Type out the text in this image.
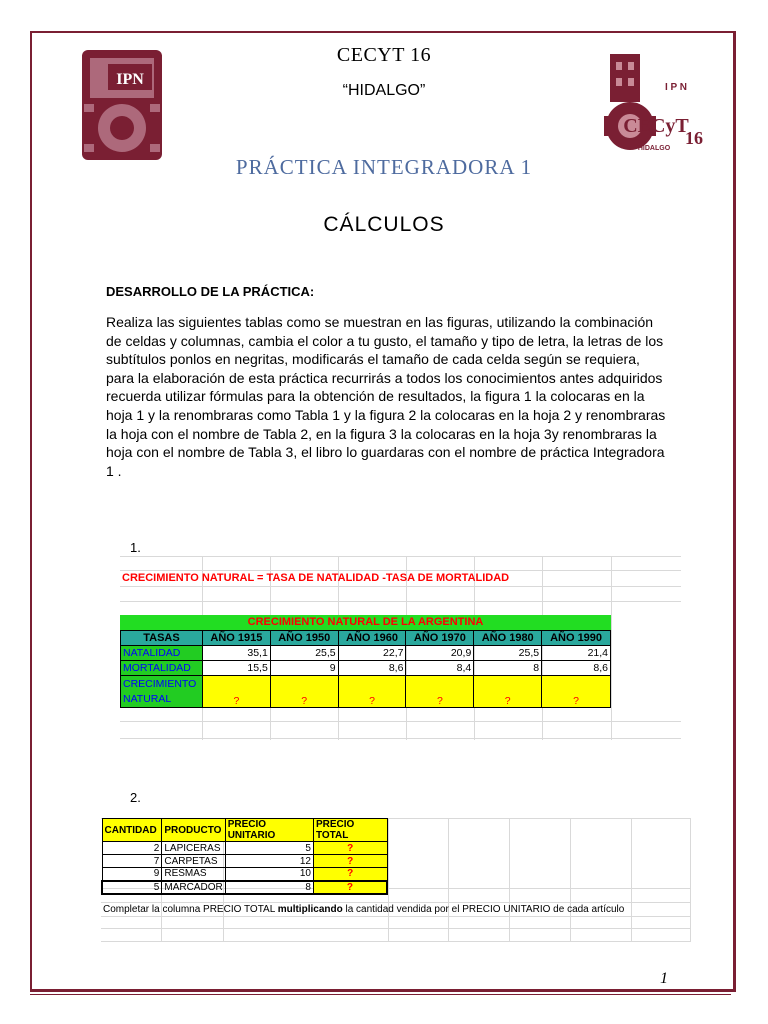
IPN	I P N
CECyT
16
HIDALGO
CECYT 16
“HIDALGO”
PRÁCTICA INTEGRADORA 1
CÁLCULOS
DESARROLLO DE LA PRÁCTICA:
Realiza las siguientes tablas como se muestran en las figuras, utilizando la combinación de celdas y columnas, cambia el color a tu gusto, el tamaño y tipo de letra, la letras de los subtítulos ponlos en negritas, modificarás el tamaño de cada celda según se requiera, para la elaboración de esta práctica recurrirás a todos los conocimientos antes adquiridos recuerda utilizar fórmulas para la obtención de resultados, la figura 1 la colocaras en la hoja 1 y la renombraras como Tabla 1 y la figura 2 la colocaras en la hoja 2 y renombraras la hoja con el nombre de Tabla 2, en la figura 3 la colocaras en la hoja 3y renombraras la hoja con el nombre de Tabla 3, el libro lo guardaras con el nombre de práctica Integradora 1 .
1.
CRECIMIENTO NATURAL = TASA DE NATALIDAD -TASA DE MORTALIDAD
CRECIMIENTO NATURAL DE LA ARGENTINA
TASAS	AÑO 1915	AÑO 1950	AÑO 1960	AÑO 1970	AÑO 1980	AÑO 1990
NATALIDAD	35,1	25,5	22,7	20,9	25,5	21,4
MORTALIDAD	15,5	9	8,6	8,4	8	8,6
CRECIMIENTO
NATURAL	?	?	?	?	?	?
2.
CANTIDAD	PRODUCTO	PRECIO UNITARIO	PRECIO TOTAL
2	LAPICERAS	5	?
7	CARPETAS	12	?
9	RESMAS	10	?
5	MARCADOR	8	?
Completar la columna PRECIO TOTAL multiplicando la cantidad vendida por el PRECIO UNITARIO de cada artículo
1
